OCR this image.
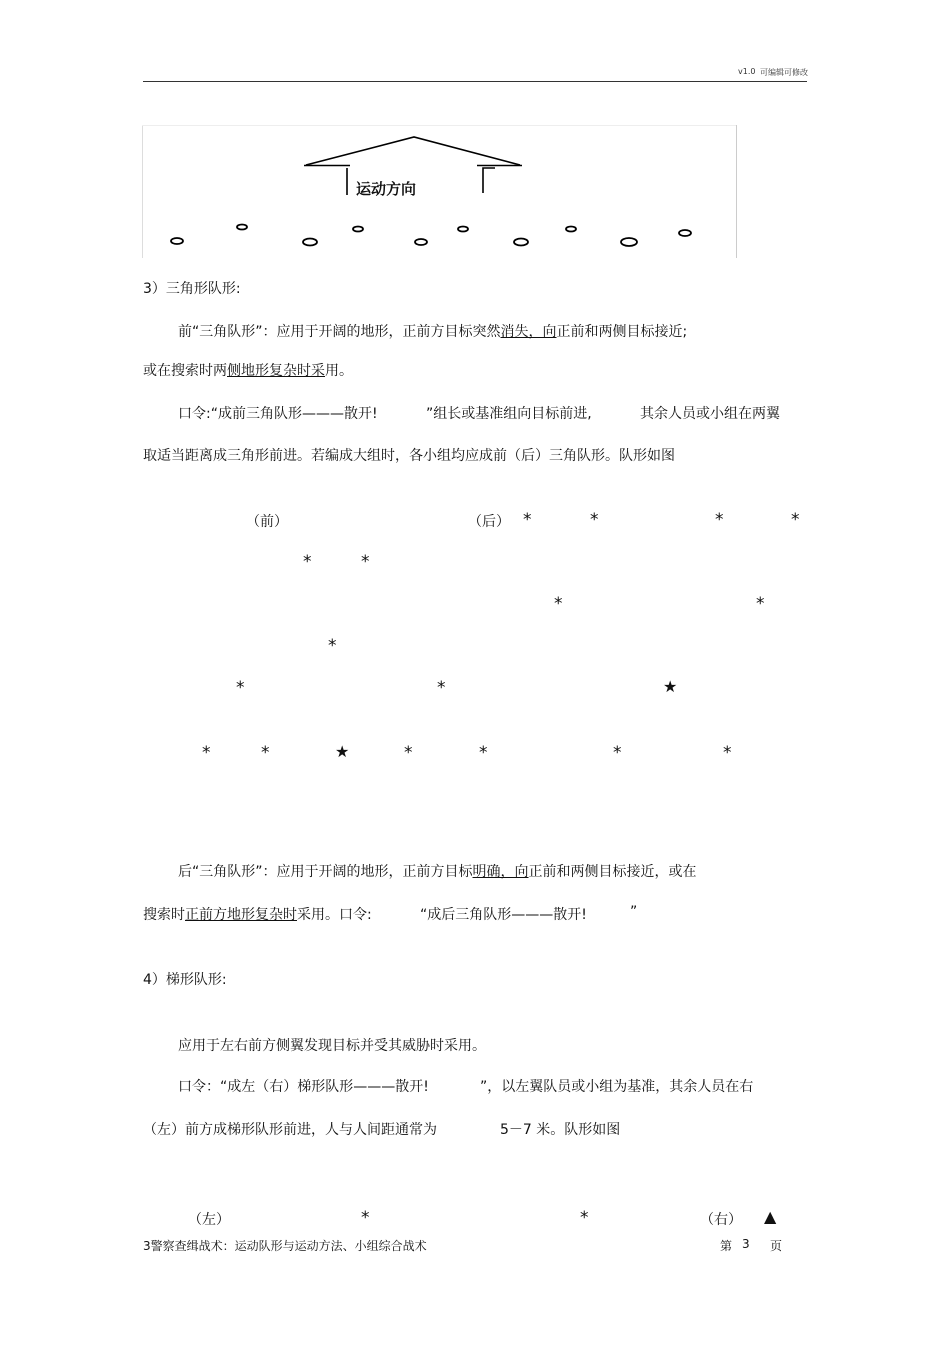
v1.0 可编辑可修改
运动方向
3）三角形队形:
前“三角队形”：应用于开阔的地形，正前方目标突然消失，向正前和两侧目标接近;
或在搜索时两侧地形复杂时采用。
口令:“成前三角队形———散开!	”组长或基准组向目标前进,	其余人员或小组在两翼
取适当距离成三角形前进。若编成大组时，各小组均应成前（后）三角队形。队形如图
（前）	（后） *	*	*	*
*	*
*	*
*
*	*	★
*	*	★	*	*	*	*
后“三角队形”：应用于开阔的地形，正前方目标明确，向正前和两侧目标接近，或在
搜索时正前方地形复杂时采用。口令:	“成后三角队形———散开!	”
4）梯形队形:
应用于左右前方侧翼发现目标并受其威胁时采用。
口令：“成左（右）梯形队形———散开!	”，以左翼队员或小组为基准，其余人员在右
（左）前方成梯形队形前进，人与人间距通常为	5－7 米。队形如图
（左）	*	*	（右） ▲
3警察查缉战术：运动队形与运动方法、小组综合战术	第 3 页
